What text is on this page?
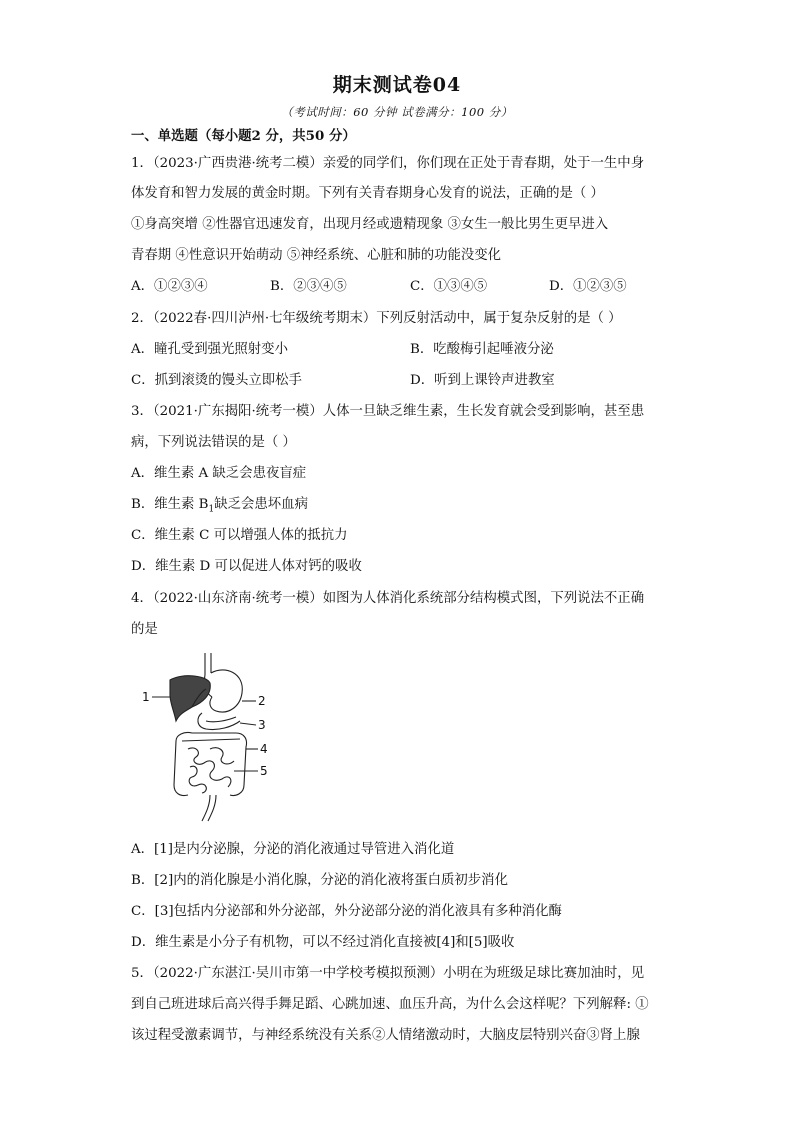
期末测试卷04
（考试时间：60 分钟 试卷满分：100 分）
一、单选题（每小题2 分，共50 分）
1．（2023·广西贵港·统考二模）亲爱的同学们，你们现在正处于青春期，处于一生中身
体发育和智力发展的黄金时期。下列有关青春期身心发育的说法，正确的是（ ）
①身高突增 ②性器官迅速发育，出现月经或遗精现象 ③女生一般比男生更早进入
青春期 ④性意识开始萌动 ⑤神经系统、心脏和肺的功能没变化
A．①②③④	B．②③④⑤	C．①③④⑤	D．①②③⑤
2．（2022春·四川泸州·七年级统考期末）下列反射活动中，属于复杂反射的是（ ）
A．瞳孔受到强光照射变小	B．吃酸梅引起唾液分泌
C．抓到滚烫的馒头立即松手	D．听到上课铃声进教室
3．（2021·广东揭阳·统考一模）人体一旦缺乏维生素，生长发育就会受到影响，甚至患
病，下列说法错误的是（ ）
A．维生素 A 缺乏会患夜盲症
B．维生素 $B_1$缺乏会患坏血病
C．维生素 C 可以增强人体的抵抗力
D．维生素 D 可以促进人体对钙的吸收
4．（2022·山东济南·统考一模）如图为人体消化系统部分结构模式图，下列说法不正确
的是
1	2
3
4
5
A．[1]是内分泌腺，分泌的消化液通过导管进入消化道
B．[2]内的消化腺是小消化腺，分泌的消化液将蛋白质初步消化
C．[3]包括内分泌部和外分泌部，外分泌部分泌的消化液具有多种消化酶
D．维生素是小分子有机物，可以不经过消化直接被[4]和[5]吸收
5．（2022·广东湛江·吴川市第一中学校考模拟预测）小明在为班级足球比赛加油时，见
到自己班进球后高兴得手舞足蹈、心跳加速、血压升高，为什么会这样呢？下列解释: ①
该过程受激素调节，与神经系统没有关系②人情绪激动时，大脑皮层特别兴奋③肾上腺
